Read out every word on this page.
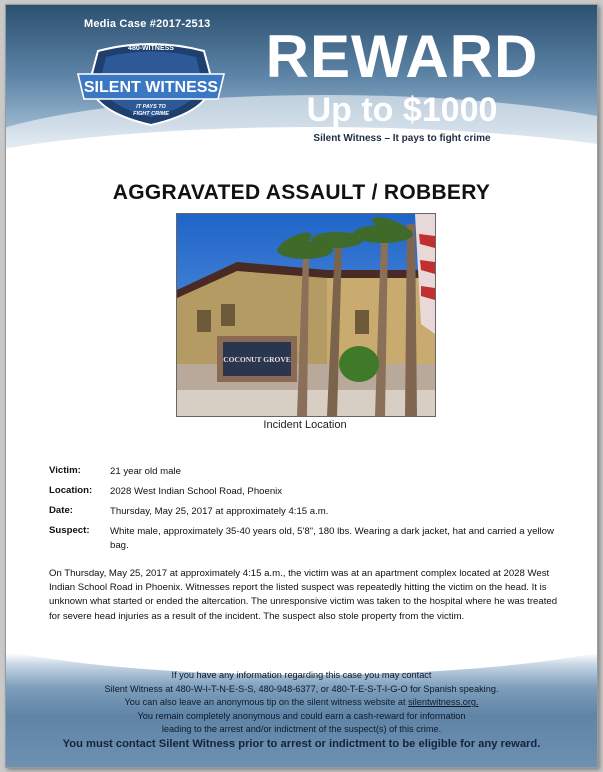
Media Case #2017-2513
480-WITNESS
SILENT WITNESS
IT PAYS TO
FIGHT CRIME
REWARD
Up to $1000
Silent Witness – It pays to fight crime
AGGRAVATED ASSAULT / ROBBERY
COCONUT GROVE
Incident Location
Victim:	21 year old male
Location: 2028 West Indian School Road, Phoenix
Date:	Thursday, May 25, 2017 at approximately 4:15 a.m.
Suspect: White male, approximately 35-40 years old, 5'8", 180 lbs. Wearing a dark jacket, hat and carried a yellow bag.
On Thursday, May 25, 2017 at approximately 4:15 a.m., the victim was at an apartment complex located at 2028 West Indian School Road in Phoenix. Witnesses report the listed suspect was repeatedly hitting the victim on the head. It is unknown what started or ended the altercation. The unresponsive victim was taken to the hospital where he was treated for severe head injuries as a result of the incident. The suspect also stole property from the victim.
If you have any information regarding this case you may contact
Silent Witness at 480-W-I-T-N-E-S-S, 480-948-6377, or 480-T-E-S-T-I-G-O for Spanish speaking.
You can also leave an anonymous tip on the silent witness website at silentwitness.org.
You remain completely anonymous and could earn a cash-reward for information
leading to the arrest and/or indictment of the suspect(s) of this crime.
You must contact Silent Witness prior to arrest or indictment to be eligible for any reward.
